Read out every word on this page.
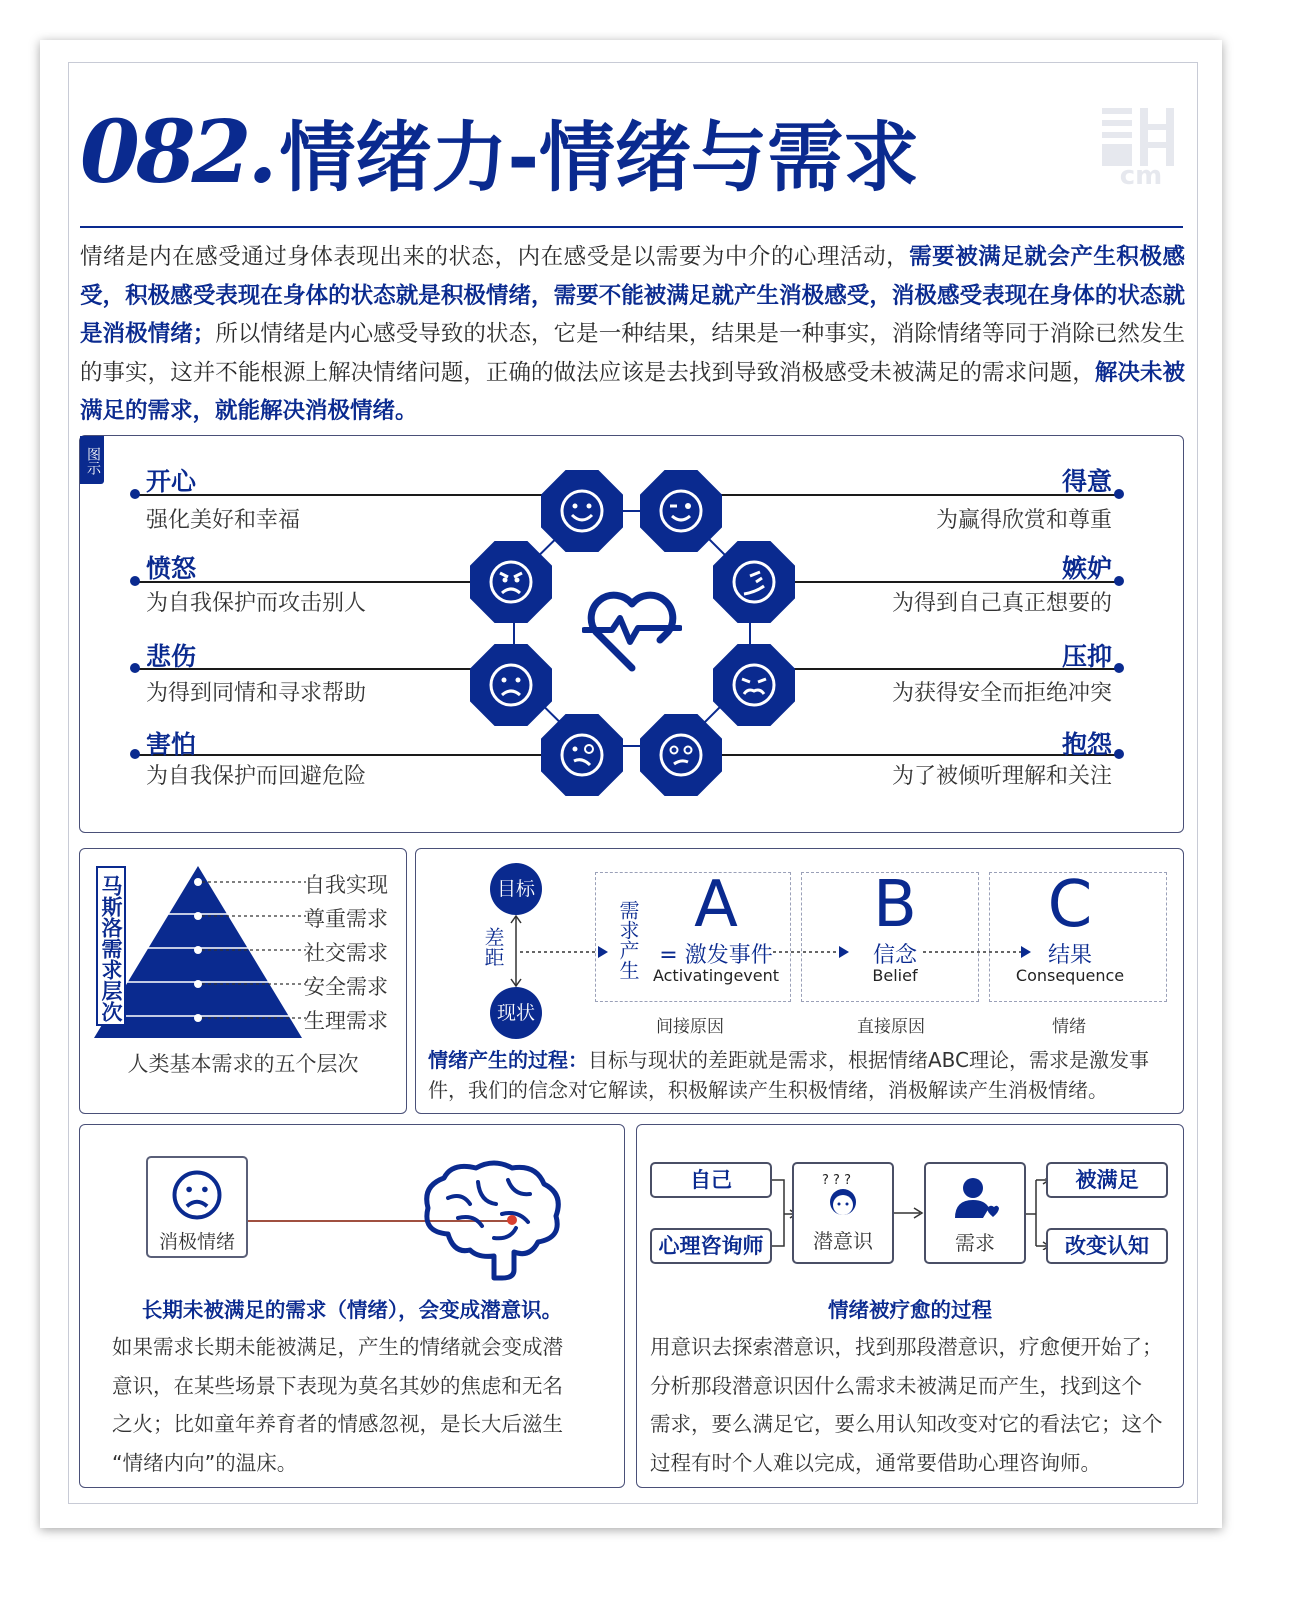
082. 情绪力-情绪与需求	cm
情绪是内在感受通过身体表现出来的状态，内在感受是以需要为中介的心理活动，需要被满足就会产生积极感受，积极感受表现在身体的状态就是积极情绪，需要不能被满足就产生消极感受，消极感受表现在身体的状态就是消极情绪；所以情绪是内心感受导致的状态，它是一种结果，结果是一种事实，消除情绪等同于消除已然发生的事实，这并不能根源上解决情绪问题，正确的做法应该是去找到导致消极感受未被满足的需求问题，解决未被满足的需求，就能解决消极情绪。
图示
开心
强化美好和幸福
愤怒
为自我保护而攻击别人
悲伤
为得到同情和寻求帮助
害怕
为自我保护而回避危险
得意
为赢得欣赏和尊重
嫉妒
为得到自己真正想要的
压抑
为获得安全而拒绝冲突
抱怨
为了被倾听理解和关注
马斯洛需求层次	自我实现
尊重需求
社交需求
安全需求
生理需求
人类基本需求的五个层次
目标
现状
差距	需求产生 A
= 激发事件
Activatingevent
间接原因
B
信念
Belief
直接原因
C
结果
Consequence
情绪
情绪产生的过程：目标与现状的差距就是需求，根据情绪ABC理论，需求是激发事件，我们的信念对它解读，积极解读产生积极情绪，消极解读产生消极情绪。
消极情绪
长期未被满足的需求（情绪），会变成潜意识。
如果需求长期未能被满足，产生的情绪就会变成潜
意识，在某些场景下表现为莫名其妙的焦虑和无名
之火；比如童年养育者的情感忽视，是长大后滋生
“情绪内向”的温床。
自己
心理咨询师
? ? ?
潜意识	需求
被满足
改变认知
情绪被疗愈的过程
用意识去探索潜意识，找到那段潜意识，疗愈便开始了；
分析那段潜意识因什么需求未被满足而产生，找到这个
需求，要么满足它，要么用认知改变对它的看法它；这个
过程有时个人难以完成，通常要借助心理咨询师。
